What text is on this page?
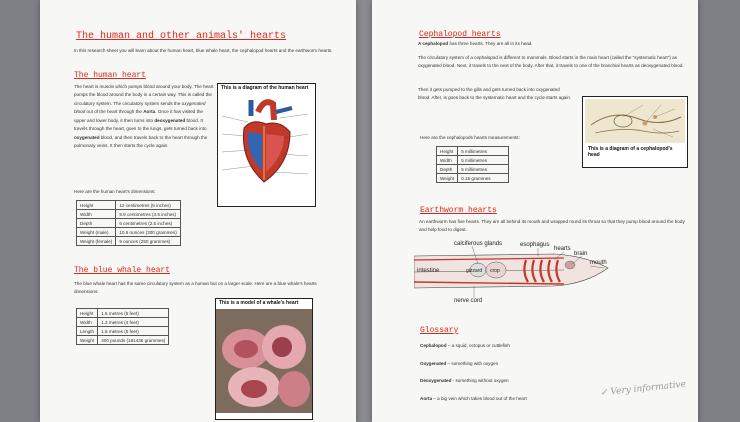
The human and other animals' hearts
In this research sheet you will learn about the human heart, blue whale heart, the cephalopod hearts and the earthworm hearts.
The human heart
The heart is muscle which pumps blood around your body. The heart pumps the blood around the body in a certain way. This is called the circulatory system. The circulatory system sends the oxygenated blood out of the heart through the Aorta. Once it has visited the upper and lower body, it then turns into deoxygenated blood. It travels through the heart, goes to the lungs, gets turned back into oxygenated blood, and then travels back to the heart through the pulmonary veins. It then starts the cycle again.
This is a diagram of the human heart
Here are the human heart's dimensions:
Height	12 centimetres (5 inches)
Width	8.9 centimetres (3.5 inches)
Depth	6 centimetres (2.5 inches)
Weight (male)	10.5 ounces (300 grammes)
Weight (female)	9 ounces (250 grammes)
The blue whale heart
The blue whale heart has the same circulatory system as a human but on a larger scale. Here are a blue whale's hearts dimensions:
Height	1.5 metres (5 feet)
Width	1.2 metres (4 feet)
Length	1.5 metres (5 feet)
Weight	400 pounds (181436 grammes)
This is a model of a whale's heart
Cephalopod hearts
A cephalopod has three hearts. They are all in its head.
The circulatory system of a cephalopod is different to mammals. Blood starts in the main heart (called the "systematic heart") as oxygenated blood. Next, it travels to the next of the body. After that, it travels to one of the branchial hearts as deoxygenated blood.
Then it gets pumped to the gills and gets turned back into oxygenated blood. After, is goes back to the systematic heart and the cycle starts again.
This is a diagram of a cephalopod's head
Here are the cephalopods hearts measurements:
Height	5 millimetres
Width	5 millimetres
Depth	5 millimetres
Weight	0.15 grammes
Earthworm hearts
An earthworm has five hearts. They are all behind its mouth and wrapped round its throat so that they pump blood around the body and help food to digest.
calciferous glands	esophagus
hearts
brain
mouth
intestine	gizzard crop
nerve cord
Glossary
Cephalopod – a squid, octopus or cuttlefish
Oxygenated – something with oxygen
Deoxygenated - something without oxygen
Aorta – a big vein which takes blood out of the heart
✓ Very informative
